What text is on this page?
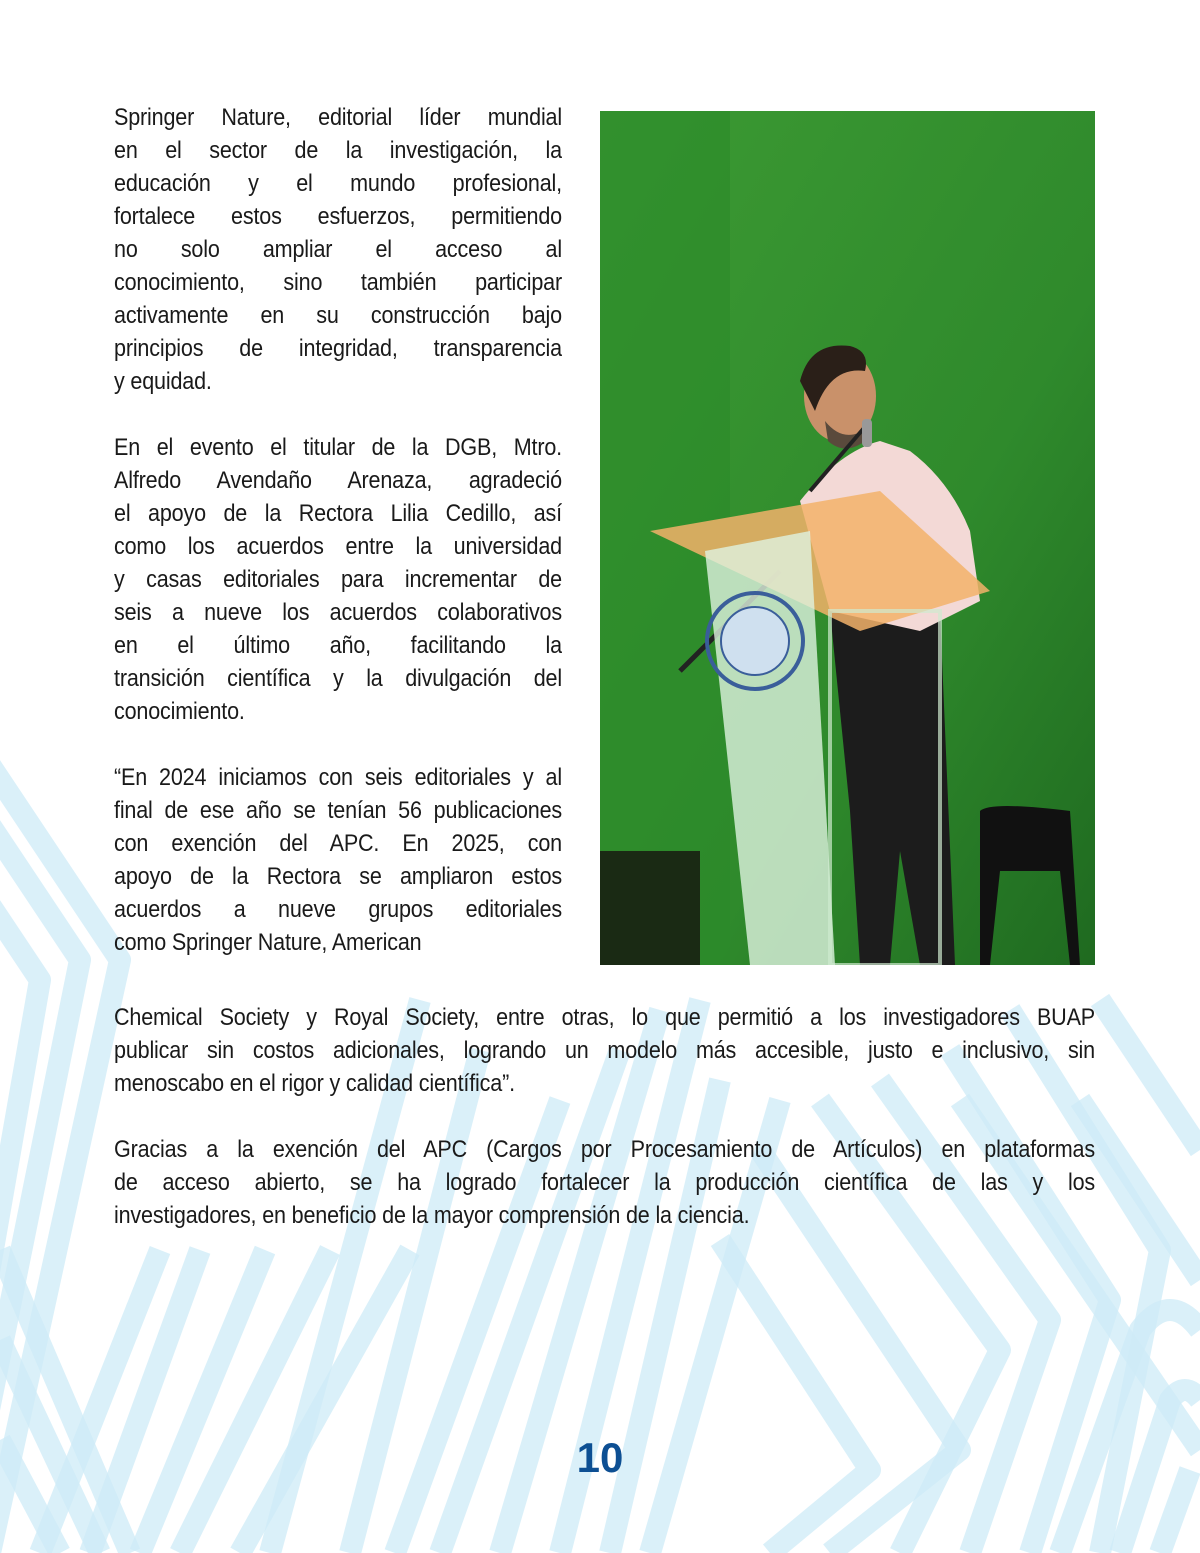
Springer Nature, editorial líder mundial
en el sector de la investigación, la
educación y el mundo profesional,
fortalece estos esfuerzos, permitiendo
no solo ampliar el acceso al
conocimiento, sino también participar
activamente en su construcción bajo
principios de integridad, transparencia
y equidad.
En el evento el titular de la DGB, Mtro.
Alfredo Avendaño Arenaza, agradeció
el apoyo de la Rectora Lilia Cedillo, así
como los acuerdos entre la universidad
y casas editoriales para incrementar de
seis a nueve los acuerdos colaborativos
en el último año, facilitando la
transición científica y la divulgación del
conocimiento.
“En 2024 iniciamos con seis editoriales y al
final de ese año se tenían 56 publicaciones
con exención del APC. En 2025, con
apoyo de la Rectora se ampliaron estos
acuerdos a nueve grupos editoriales
como Springer Nature, American
Chemical Society y Royal Society, entre otras, lo que permitió a los investigadores BUAP
publicar sin costos adicionales, logrando un modelo más accesible, justo e inclusivo, sin
menoscabo en el rigor y calidad científica”.
Gracias a la exención del APC (Cargos por Procesamiento de Artículos) en plataformas
de acceso abierto, se ha logrado fortalecer la producción científica de las y los
investigadores, en beneficio de la mayor comprensión de la ciencia.
10
